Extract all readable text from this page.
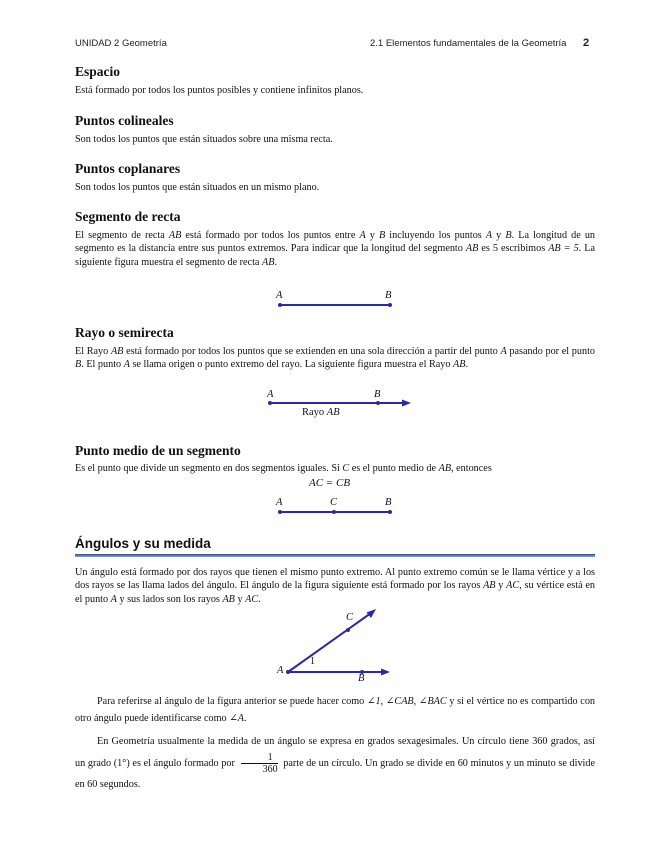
UNIDAD 2 Geometría	2.1 Elementos fundamentales de la Geometría 2
Espacio
Está formado por todos los puntos posibles y contiene infinitos planos.
Puntos colineales
Son todos los puntos que están situados sobre una misma recta.
Puntos coplanares
Son todos los puntos que están situados en un mismo plano.
Segmento de recta
El segmento de recta AB está formado por todos los puntos entre A y B incluyendo los puntos A y B. La longitud de un segmento es la distancia entre sus puntos extremos. Para indicar que la longitud del segmento AB es 5 escribimos AB = 5. La siguiente figura muestra el segmento de recta AB.
A	B
Rayo o semirecta
El Rayo AB está formado por todos los puntos que se extienden en una sola dirección a partir del punto A pasando por el punto B. El punto A se llama origen o punto extremo del rayo. La siguiente figura muestra el Rayo AB.
A	B
Rayo AB
Punto medio de un segmento
Es el punto que divide un segmento en dos segmentos iguales. Si C es el punto medio de AB, entonces
AC = CB
A	C	B
Ángulos y su medida
Un ángulo está formado por dos rayos que tienen el mismo punto extremo. Al punto extremo común se le llama vértice y a los dos rayos se las llama lados del ángulo. El ángulo de la figura siguiente está formado por los rayos AB y AC, su vértice está en el punto A y sus lados son los rayos AB y AC.
A
B
C
1
Para referirse al ángulo de la figura anterior se puede hacer como ∠1, ∠CAB, ∠BAC y si el vértice no es compartido con otro ángulo puede identificarse como ∠A.
En Geometría usualmente la medida de un ángulo se expresa en grados sexagesimales. Un círculo tiene 360 grados, así un grado (1°) es el ángulo formado por $\frac{1}{360}$ parte de un círculo. Un grado se divide en 60 minutos y un minuto se divide en 60 segundos.
